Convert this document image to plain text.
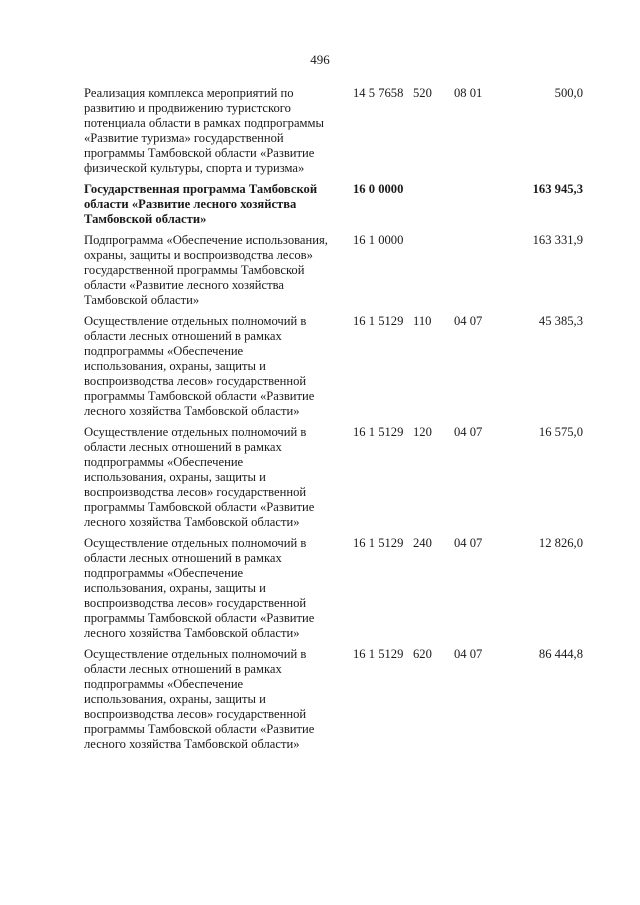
496
Реализация комплекса мероприятий по
развитию и продвижению туристского
потенциала области в рамках подпрограммы
«Развитие туризма» государственной
программы Тамбовской области «Развитие
физической культуры, спорта и туризма»
14 5 7658 520 08 01	500,0
Государственная программа Тамбовской
области «Развитие лесного хозяйства
Тамбовской области»
16 0 0000	163 945,3
Подпрограмма «Обеспечение использования,
охраны, защиты и воспроизводства лесов»
государственной программы Тамбовской
области «Развитие лесного хозяйства
Тамбовской области»
16 1 0000	163 331,9
Осуществление отдельных полномочий в
области лесных отношений в рамках
подпрограммы «Обеспечение
использования, охраны, защиты и
воспроизводства лесов» государственной
программы Тамбовской области «Развитие
лесного хозяйства Тамбовской области»
16 1 5129 110 04 07	45 385,3
Осуществление отдельных полномочий в
области лесных отношений в рамках
подпрограммы «Обеспечение
использования, охраны, защиты и
воспроизводства лесов» государственной
программы Тамбовской области «Развитие
лесного хозяйства Тамбовской области»
16 1 5129 120 04 07	16 575,0
Осуществление отдельных полномочий в
области лесных отношений в рамках
подпрограммы «Обеспечение
использования, охраны, защиты и
воспроизводства лесов» государственной
программы Тамбовской области «Развитие
лесного хозяйства Тамбовской области»
16 1 5129 240 04 07	12 826,0
Осуществление отдельных полномочий в
области лесных отношений в рамках
подпрограммы «Обеспечение
использования, охраны, защиты и
воспроизводства лесов» государственной
программы Тамбовской области «Развитие
лесного хозяйства Тамбовской области»
16 1 5129 620 04 07	86 444,8
